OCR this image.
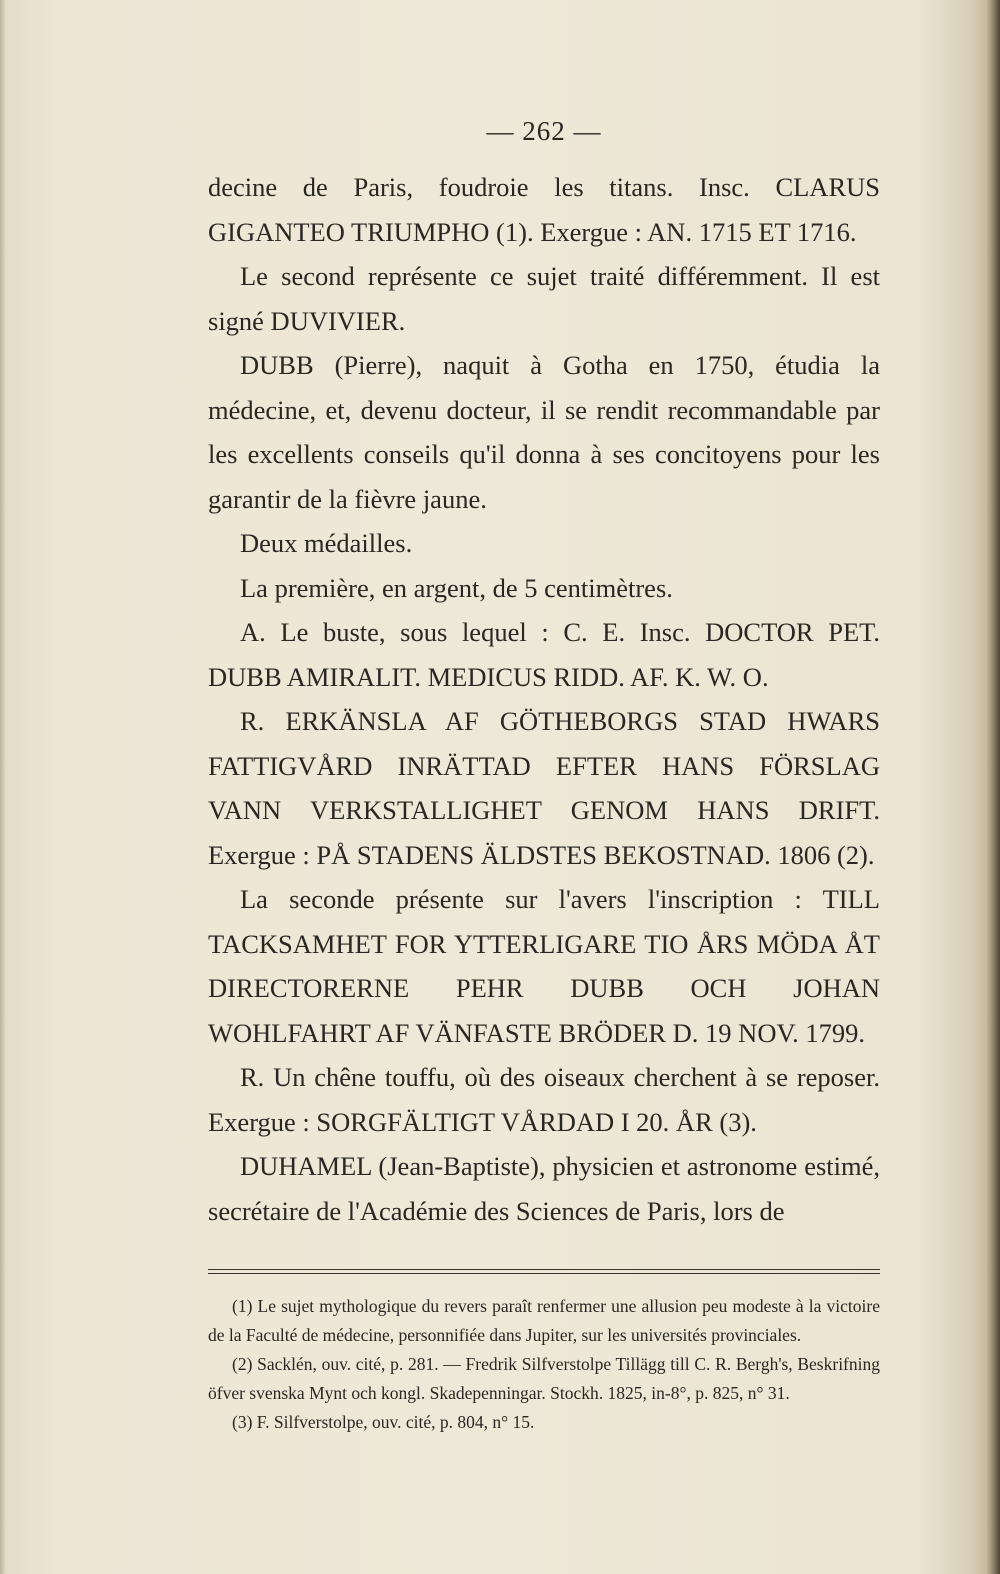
— 262 —

decine de Paris, foudroie les titans. Insc. CLARUS GIGANTEO TRIUMPHO (1). Exergue : AN. 1715 ET 1716.

Le second représente ce sujet traité différemment. Il est signé DUVIVIER.

DUBB (Pierre), naquit à Gotha en 1750, étudia la médecine, et, devenu docteur, il se rendit recommandable par les excellents conseils qu'il donna à ses concitoyens pour les garantir de la fièvre jaune.

Deux médailles.

La première, en argent, de 5 centimètres.

A. Le buste, sous lequel : C. E. Insc. DOCTOR PET. DUBB AMIRALIT. MEDICUS RIDD. AF. K. W. O.

R. ERKÄNSLA AF GÖTHEBORGS STAD HWARS FATTIGVÅRD INRÄTTAD EFTER HANS FÖRSLAG VANN VERKSTALLIGHET GENOM HANS DRIFT. Exergue : PÅ STADENS ÄLDSTES BEKOSTNAD. 1806 (2).

La seconde présente sur l'avers l'inscription : TILL TACKSAMHET FOR YTTERLIGARE TIO ÅRS MÖDA ÅT DIRECTORERNE PEHR DUBB OCH JOHAN WOHLFAHRT AF VÄNFASTE BRÖDER D. 19 NOV. 1799.

R. Un chêne touffu, où des oiseaux cherchent à se reposer. Exergue : SORGFÄLTIGT VÅRDAD I 20. ÅR (3).

DUHAMEL (Jean-Baptiste), physicien et astronome estimé, secrétaire de l'Académie des Sciences de Paris, lors de

(1) Le sujet mythologique du revers paraît renfermer une allusion peu modeste à la victoire de la Faculté de médecine, personnifiée dans Jupiter, sur les universités provinciales.

(2) Sacklén, ouv. cité, p. 281. — Fredrik Silfverstolpe Tillägg till C. R. Bergh's, Beskrifning öfver svenska Mynt och kongl. Skadepenningar. Stockh. 1825, in-8°, p. 825, n° 31.

(3) F. Silfverstolpe, ouv. cité, p. 804, n° 15.
